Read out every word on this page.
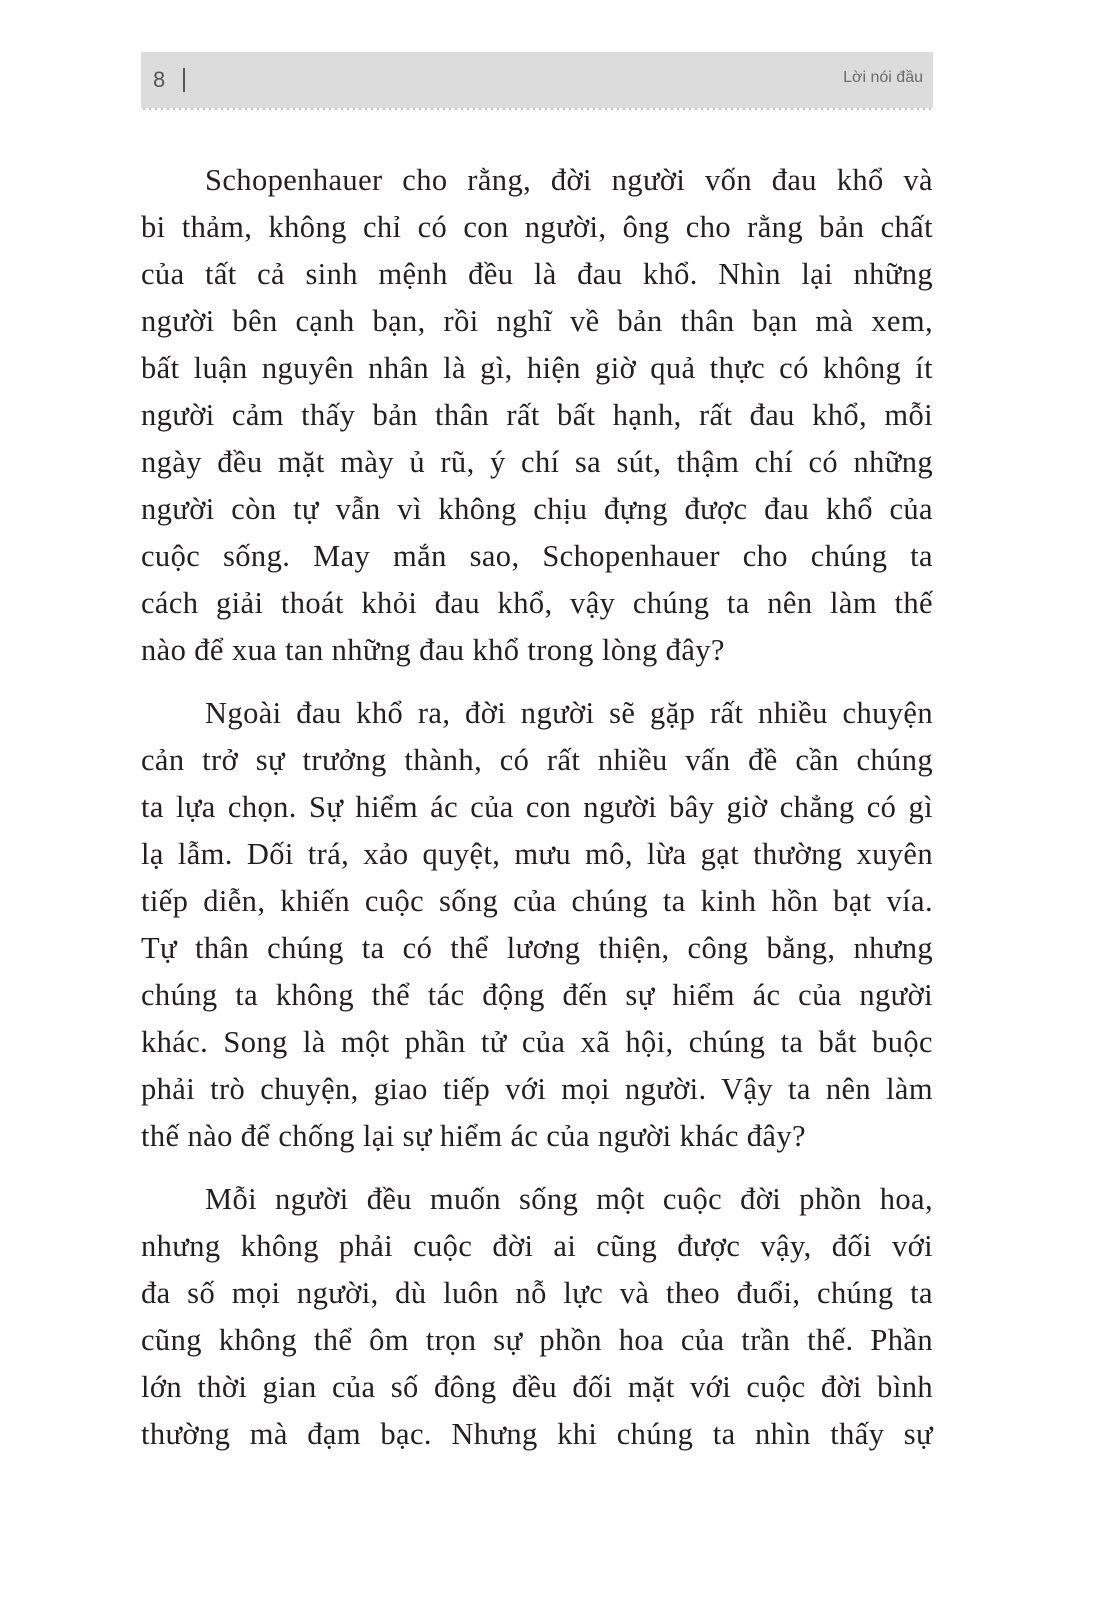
8	Lời nói đầu

Schopenhauer cho rằng, đời người vốn đau khổ và
bi thảm, không chỉ có con người, ông cho rằng bản chất
của tất cả sinh mệnh đều là đau khổ. Nhìn lại những
người bên cạnh bạn, rồi nghĩ về bản thân bạn mà xem,
bất luận nguyên nhân là gì, hiện giờ quả thực có không ít
người cảm thấy bản thân rất bất hạnh, rất đau khổ, mỗi
ngày đều mặt mày ủ rũ, ý chí sa sút, thậm chí có những
người còn tự vẫn vì không chịu đựng được đau khổ của
cuộc sống. May mắn sao, Schopenhauer cho chúng ta
cách giải thoát khỏi đau khổ, vậy chúng ta nên làm thế
nào để xua tan những đau khổ trong lòng đây?

Ngoài đau khổ ra, đời người sẽ gặp rất nhiều chuyện
cản trở sự trưởng thành, có rất nhiều vấn đề cần chúng
ta lựa chọn. Sự hiểm ác của con người bây giờ chẳng có gì
lạ lẫm. Dối trá, xảo quyệt, mưu mô, lừa gạt thường xuyên
tiếp diễn, khiến cuộc sống của chúng ta kinh hồn bạt vía.
Tự thân chúng ta có thể lương thiện, công bằng, nhưng
chúng ta không thể tác động đến sự hiểm ác của người
khác. Song là một phần tử của xã hội, chúng ta bắt buộc
phải trò chuyện, giao tiếp với mọi người. Vậy ta nên làm
thế nào để chống lại sự hiểm ác của người khác đây?

Mỗi người đều muốn sống một cuộc đời phồn hoa,
nhưng không phải cuộc đời ai cũng được vậy, đối với
đa số mọi người, dù luôn nỗ lực và theo đuổi, chúng ta
cũng không thể ôm trọn sự phồn hoa của trần thế. Phần
lớn thời gian của số đông đều đối mặt với cuộc đời bình
thường mà đạm bạc. Nhưng khi chúng ta nhìn thấy sự
